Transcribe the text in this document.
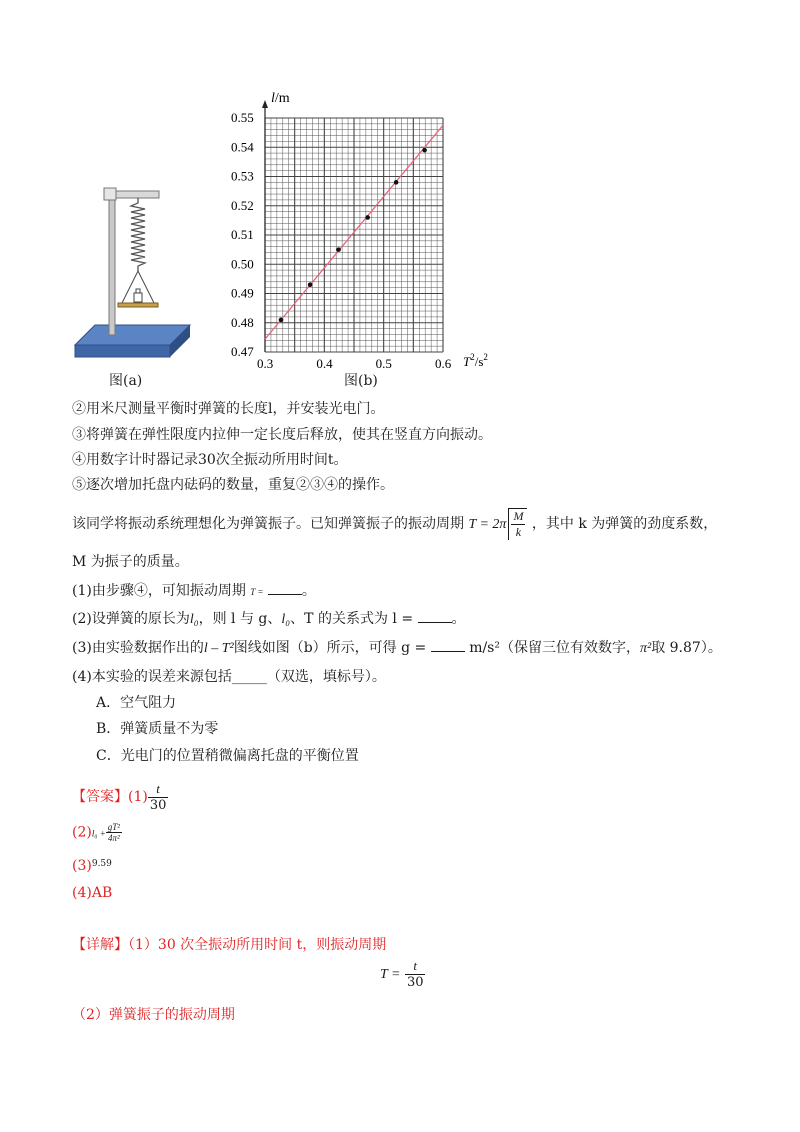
图(a)
0.3	0.4	0.5	0.6
0.47
0.48
0.49
0.50
0.51
0.52
0.53
0.54
0.55
l/m
$T^2/s^2$
图(b)
②用米尺测量平衡时弹簧的长度l，并安装光电门。
③将弹簧在弹性限度内拉伸一定长度后释放，使其在竖直方向振动。
④用数字计时器记录30次全振动所用时间t。
⑤逐次增加托盘内砝码的数量，重复②③④的操作。
该同学将振动系统理想化为弹簧振子。已知弹簧振子的振动周期 $T = 2\pi \frac{M}{k}$ ，其中 k 为弹簧的劲度系数，
M 为振子的质量。
(1)由步骤④，可知振动周期 T =	。
(2)设弹簧的原长为l₀，则 l 与 g、l₀、T 的关系式为 l =	。
(3)由实验数据作出的l – T²图线如图（b）所示，可得 g =	m/s²（保留三位有效数字，π²取 9.87）。
(4)本实验的误差来源包括_____（双选，填标号）。
A．空气阻力
B．弹簧质量不为零
C．光电门的位置稍微偏离托盘的平衡位置
【答案】$(1) \frac{t}{30}$
$(2)l_0 + \frac{\text{gT²}}{\text{4π²}}$
$(3)^{9.59}$
(4)AB
【详解】（1）30 次全振动所用时间 t，则振动周期
$T = \frac{t}{30}$
（2）弹簧振子的振动周期
